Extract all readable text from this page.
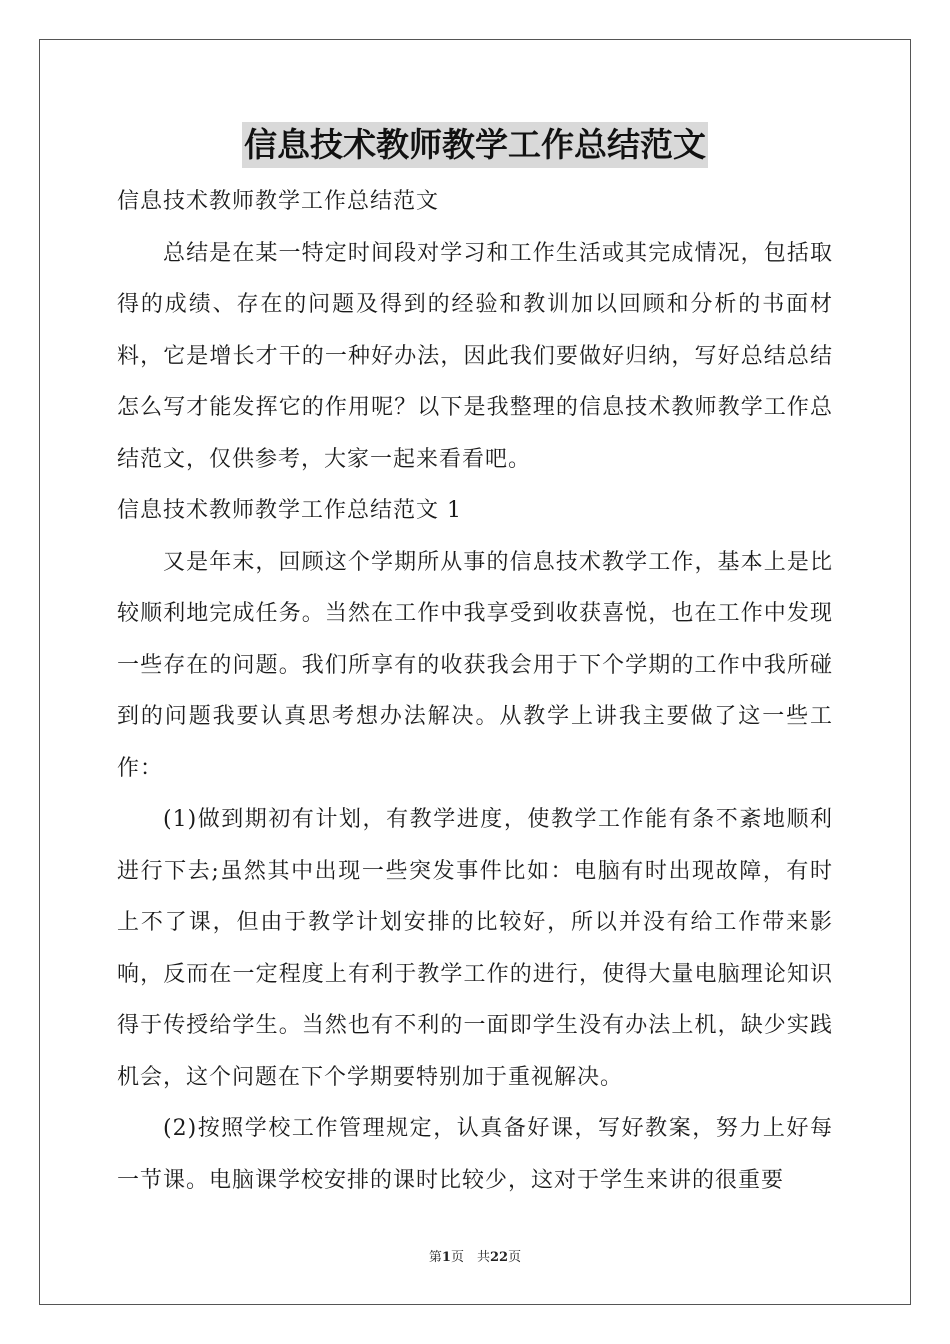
信息技术教师教学工作总结范文

信息技术教师教学工作总结范文

总结是在某一特定时间段对学习和工作生活或其完成情况，包括取得的成绩、存在的问题及得到的经验和教训加以回顾和分析的书面材料，它是增长才干的一种好办法，因此我们要做好归纳，写好总结总结怎么写才能发挥它的作用呢？以下是我整理的信息技术教师教学工作总结范文，仅供参考，大家一起来看看吧。

信息技术教师教学工作总结范文 1

又是年末，回顾这个学期所从事的信息技术教学工作，基本上是比较顺利地完成任务。当然在工作中我享受到收获喜悦，也在工作中发现一些存在的问题。我们所享有的收获我会用于下个学期的工作中我所碰到的问题我要认真思考想办法解决。从教学上讲我主要做了这一些工作：

(1)做到期初有计划，有教学进度，使教学工作能有条不紊地顺利进行下去;虽然其中出现一些突发事件比如：电脑有时出现故障，有时上不了课，但由于教学计划安排的比较好，所以并没有给工作带来影响，反而在一定程度上有利于教学工作的进行，使得大量电脑理论知识得于传授给学生。当然也有不利的一面即学生没有办法上机，缺少实践机会，这个问题在下个学期要特别加于重视解决。

(2)按照学校工作管理规定，认真备好课，写好教案，努力上好每一节课。电脑课学校安排的课时比较少，这对于学生来讲的很重要

第1页　共22页
